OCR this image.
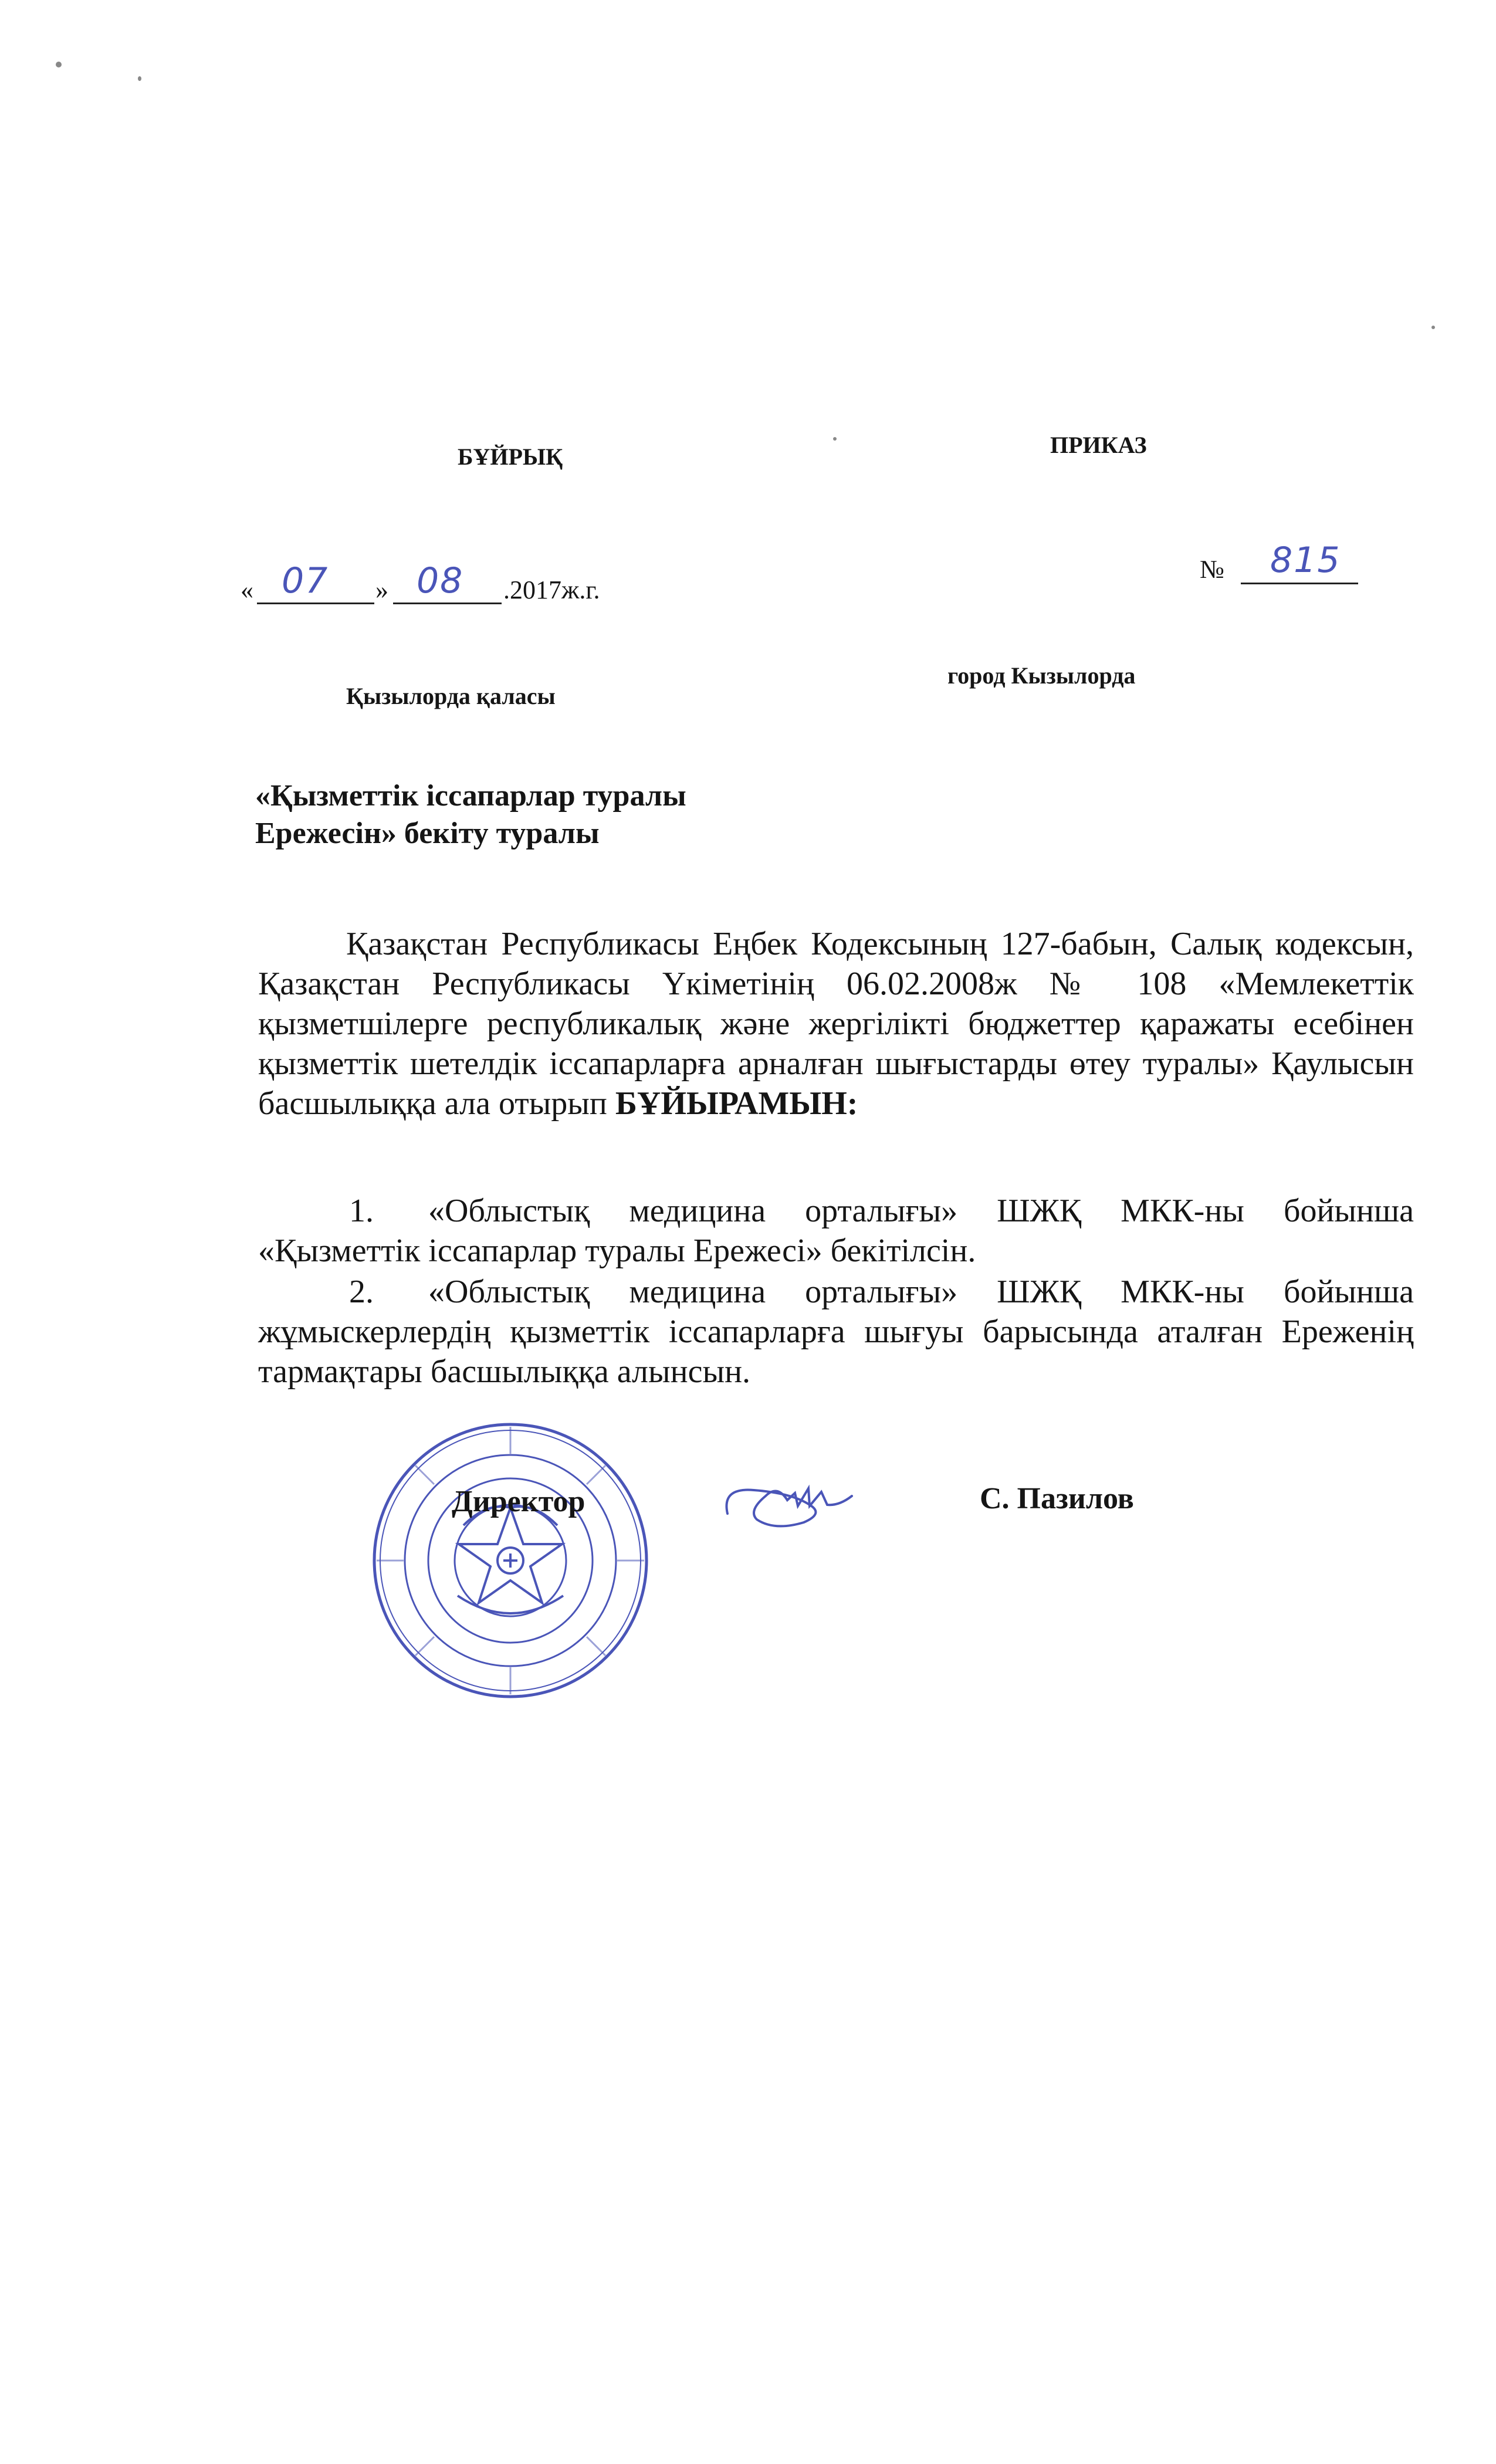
БҰЙРЫҚ	ПРИКАЗ
« 07 » 08 .2017ж.г.
№ 815
Қызылорда қаласы
город Кызылорда
«Қызметтік іссапарлар туралы
Ережесін» бекіту туралы
Қазақстан Республикасы Еңбек Кодексының 127-бабын, Салық кодексын, Қазақстан Республикасы Үкіметінің 06.02.2008ж № 108 «Мемлекеттік қызметшілерге республикалық және жергілікті бюджеттер қаражаты есебінен қызметтік шетелдік іссапарларға арналған шығыстарды өтеу туралы» Қаулысын басшылыққа ала отырып БҰЙЫРАМЫН:
1. «Облыстық медицина орталығы» ШЖҚ МКК-ны бойынша
«Қызметтік іссапарлар туралы Ережесі» бекітілсін.
2. «Облыстық медицина орталығы» ШЖҚ МКК-ны бойынша
жұмыскерлердің қызметтік іссапарларға шығуы барысында аталған Ереженің тармақтары басшылыққа алынсын.
Директор	С. Пазилов
